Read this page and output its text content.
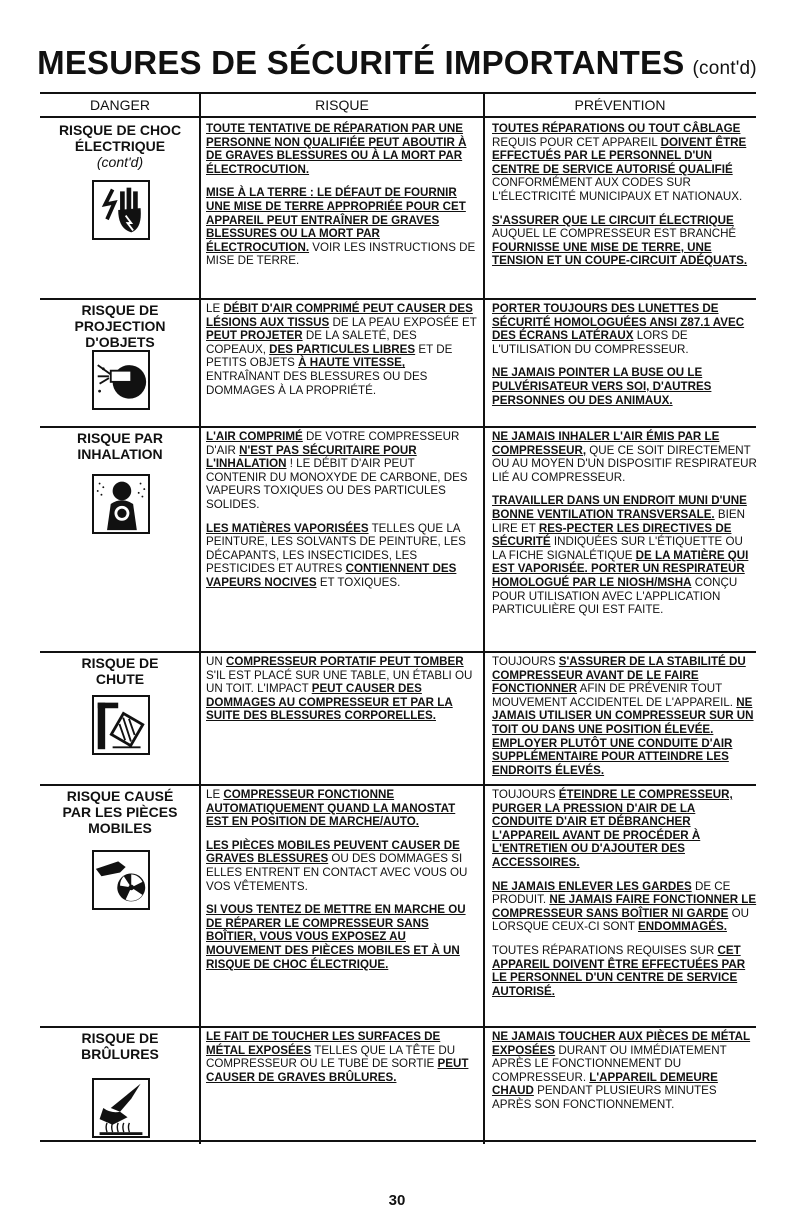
MESURES DE SÉCURITÉ IMPORTANTES (cont'd)
DANGER	RISQUE	PRÉVENTION
RISQUE DE CHOC
ÉLECTRIQUE
(cont'd)
TOUTE TENTATIVE DE RÉPARATION PAR UNE PERSONNE NON QUALIFIÉE PEUT ABOUTIR À DE GRAVES BLESSURES OU À LA MORT PAR ÉLECTROCUTION.
MISE À LA TERRE : LE DÉFAUT DE FOURNIR UNE MISE DE TERRE APPROPRIÉE POUR CET APPAREIL PEUT ENTRAÎNER DE GRAVES BLESSURES OU LA MORT PAR ÉLECTROCUTION. VOIR LES INSTRUCTIONS DE MISE DE TERRE.
TOUTES RÉPARATIONS OU TOUT CÂBLAGE REQUIS POUR CET APPAREIL DOIVENT ÊTRE EFFECTUÉS PAR LE PERSONNEL D'UN CENTRE DE SERVICE AUTORISÉ QUALIFIÉ CONFORMÉMENT AUX CODES SUR L'ÉLECTRICITÉ MUNICIPAUX ET NATIONAUX.
S'ASSURER QUE LE CIRCUIT ÉLECTRIQUE AUQUEL LE COMPRESSEUR EST BRANCHÉ FOURNISSE UNE MISE DE TERRE, UNE TENSION ET UN COUPE-CIRCUIT ADÉQUATS.
RISQUE DE
PROJECTION
D'OBJETS
LE DÉBIT D'AIR COMPRIMÉ PEUT CAUSER DES LÉSIONS AUX TISSUS DE LA PEAU EXPOSÉE ET PEUT PROJETER DE LA SALETÉ, DES COPEAUX, DES PARTICULES LIBRES ET DE PETITS OBJETS À HAUTE VITESSE, ENTRAÎNANT DES BLESSURES OU DES DOMMAGES À LA PROPRIÉTÉ.
PORTER TOUJOURS DES LUNETTES DE SÉCURITÉ HOMOLOGUÉES ANSI Z87.1 AVEC DES ÉCRANS LATÉRAUX LORS DE L'UTILISATION DU COMPRESSEUR.
NE JAMAIS POINTER LA BUSE OU LE PULVÉRISATEUR VERS SOI, D'AUTRES PERSONNES OU DES ANIMAUX.
RISQUE PAR
INHALATION
L'AIR COMPRIMÉ DE VOTRE COMPRESSEUR D'AIR N'EST PAS SÉCURITAIRE POUR L'INHALATION ! LE DÉBIT D'AIR PEUT CONTENIR DU MONOXYDE DE CARBONE, DES VAPEURS TOXIQUES OU DES PARTICULES SOLIDES.
LES MATIÈRES VAPORISÉES TELLES QUE LA PEINTURE, LES SOLVANTS DE PEINTURE, LES DÉCAPANTS, LES INSECTICIDES, LES PESTICIDES ET AUTRES CONTIENNENT DES VAPEURS NOCIVES ET TOXIQUES.
NE JAMAIS INHALER L'AIR ÉMIS PAR LE COMPRESSEUR, QUE CE SOIT DIRECTEMENT OU AU MOYEN D'UN DISPOSITIF RESPIRATEUR LIÉ AU COMPRESSEUR.
TRAVAILLER DANS UN ENDROIT MUNI D'UNE BONNE VENTILATION TRANSVERSALE. BIEN LIRE ET RES-PECTER LES DIRECTIVES DE SÉCURITÉ INDIQUÉES SUR L'ÉTIQUETTE OU LA FICHE SIGNALÉTIQUE DE LA MATIÈRE QUI EST VAPORISÉE. PORTER UN RESPIRATEUR HOMOLOGUÉ PAR LE NIOSH/MSHA CONÇU POUR UTILISATION AVEC L'APPLICATION PARTICULIÈRE QUI EST FAITE.
RISQUE DE
CHUTE
UN COMPRESSEUR PORTATIF PEUT TOMBER S'IL EST PLACÉ SUR UNE TABLE, UN ÉTABLI OU UN TOIT. L'IMPACT PEUT CAUSER DES DOMMAGES AU COMPRESSEUR ET PAR LA SUITE DES BLESSURES CORPORELLES.
TOUJOURS S'ASSURER DE LA STABILITÉ DU COMPRESSEUR AVANT DE LE FAIRE FONCTIONNER AFIN DE PRÉVENIR TOUT MOUVEMENT ACCIDENTEL DE L'APPAREIL. NE JAMAIS UTILISER UN COMPRESSEUR SUR UN TOIT OU DANS UNE POSITION ÉLEVÉE. EMPLOYER PLUTÔT UNE CONDUITE D'AIR SUPPLÉMENTAIRE POUR ATTEINDRE LES ENDROITS ÉLEVÉS.
RISQUE CAUSÉ
PAR LES PIÈCES
MOBILES
LE COMPRESSEUR FONCTIONNE AUTOMATIQUEMENT QUAND LA MANOSTAT EST EN POSITION DE MARCHE/AUTO.
LES PIÈCES MOBILES PEUVENT CAUSER DE GRAVES BLESSURES OU DES DOMMAGES SI ELLES ENTRENT EN CONTACT AVEC VOUS OU VOS VÊTEMENTS.
SI VOUS TENTEZ DE METTRE EN MARCHE OU DE RÉPARER LE COMPRESSEUR SANS BOÎTIER, VOUS VOUS EXPOSEZ AU MOUVEMENT DES PIÈCES MOBILES ET À UN RISQUE DE CHOC ÉLECTRIQUE.
TOUJOURS ÉTEINDRE LE COMPRESSEUR, PURGER LA PRESSION D'AIR DE LA CONDUITE D'AIR ET DÉBRANCHER L'APPAREIL AVANT DE PROCÉDER À L'ENTRETIEN OU D'AJOUTER DES ACCESSOIRES.
NE JAMAIS ENLEVER LES GARDES DE CE PRODUIT. NE JAMAIS FAIRE FONCTIONNER LE COMPRESSEUR SANS BOÎTIER NI GARDE OU LORSQUE CEUX-CI SONT ENDOMMAGÉS.
TOUTES RÉPARATIONS REQUISES SUR CET APPAREIL DOIVENT ÊTRE EFFECTUÉES PAR LE PERSONNEL D'UN CENTRE DE SERVICE AUTORISÉ.
RISQUE DE
BRÛLURES
LE FAIT DE TOUCHER LES SURFACES DE MÉTAL EXPOSÉES TELLES QUE LA TÊTE DU COMPRESSEUR OU LE TUBE DE SORTIE PEUT CAUSER DE GRAVES BRÛLURES.
NE JAMAIS TOUCHER AUX PIÈCES DE MÉTAL EXPOSÉES DURANT OU IMMÉDIATEMENT APRÈS LE FONCTIONNEMENT DU COMPRESSEUR. L'APPAREIL DEMEURE CHAUD PENDANT PLUSIEURS MINUTES APRÈS SON FONCTIONNEMENT.
30
